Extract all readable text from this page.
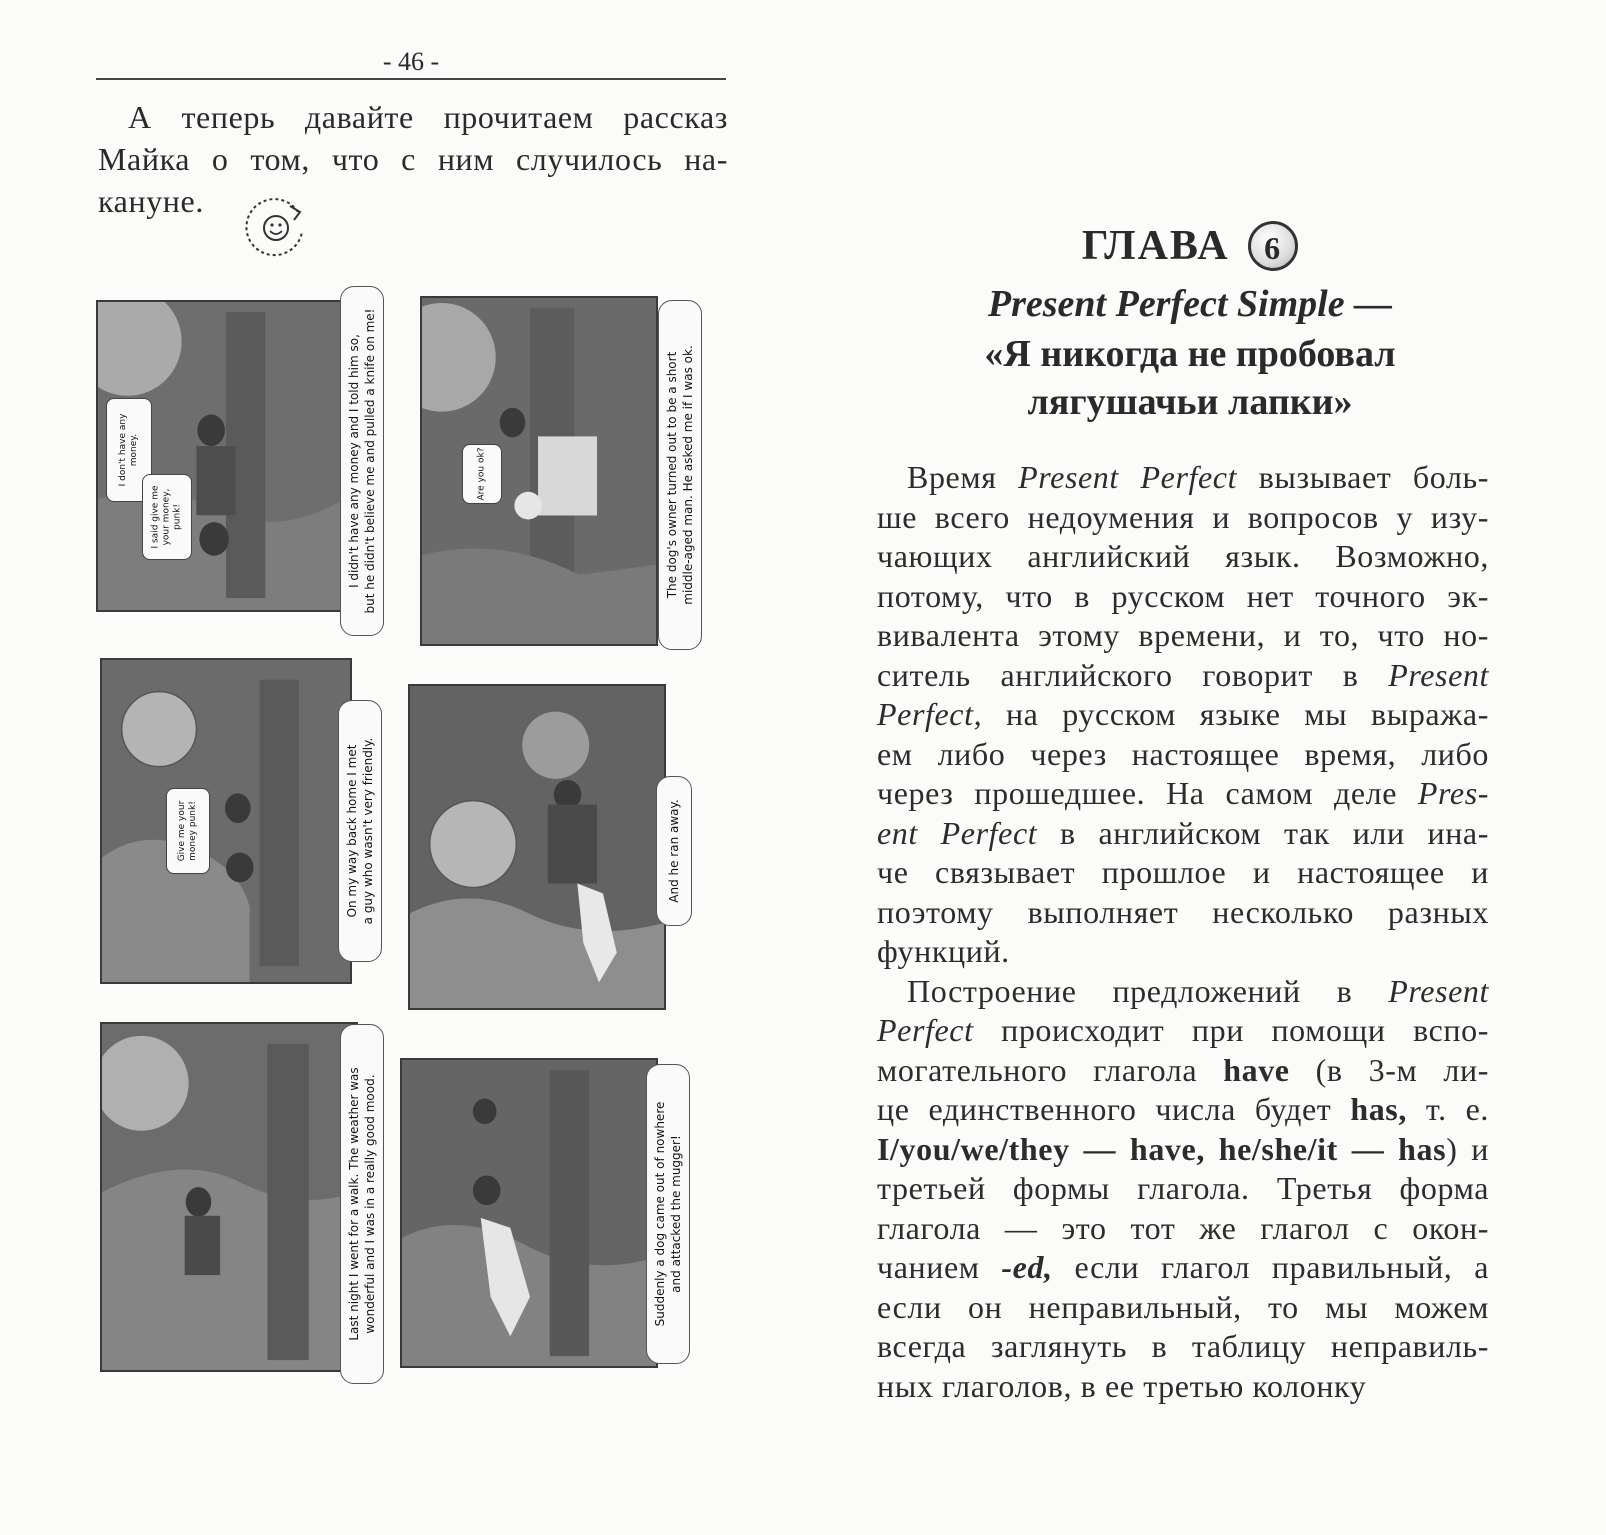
- 46 -
А теперь давайте прочитаем рассказ
Майка о том, что с ним случилось на-
кануне.
I don't have any
money.
I said give me
your money,
punk!	I didn't have any money and I told him so, but he didn't believe me and pulled a knife on me!	Are you ok?	The dog's owner turned out to be a short middle-aged man. He asked me if I was ok.
Give me your
money punk!	On my way back home I met a guy who wasn't very friendly.	And he ran away.
Last night I went for a walk. The weather was wonderful and I was in a really good mood.	Suddenly a dog came out of nowhere and attacked the mugger!
ГЛАВА 6
Present Perfect Simple —
«Я никогда не пробовал
лягушачьи лапки»
Время Present Perfect вызывает боль-
ше всего недоумения и вопросов у изу-
чающих английский язык. Возможно,
потому, что в русском нет точного эк-
вивалента этому времени, и то, что но-
ситель английского говорит в Present
Perfect, на русском языке мы выража-
ем либо через настоящее время, либо
через прошедшее. На самом деле Pres-
ent Perfect в английском так или ина-
че связывает прошлое и настоящее и
поэтому выполняет несколько разных
функций.
Построение предложений в Present
Perfect происходит при помощи вспо-
могательного глагола have (в 3-м ли-
це единственного числа будет has, т. е.
I/you/we/they — have, he/she/it — has) и
третьей формы глагола. Третья форма
глагола — это тот же глагол с окон-
чанием -ed, если глагол правильный, а
если он неправильный, то мы можем
всегда заглянуть в таблицу неправиль-
ных глаголов, в ее третью колонку
